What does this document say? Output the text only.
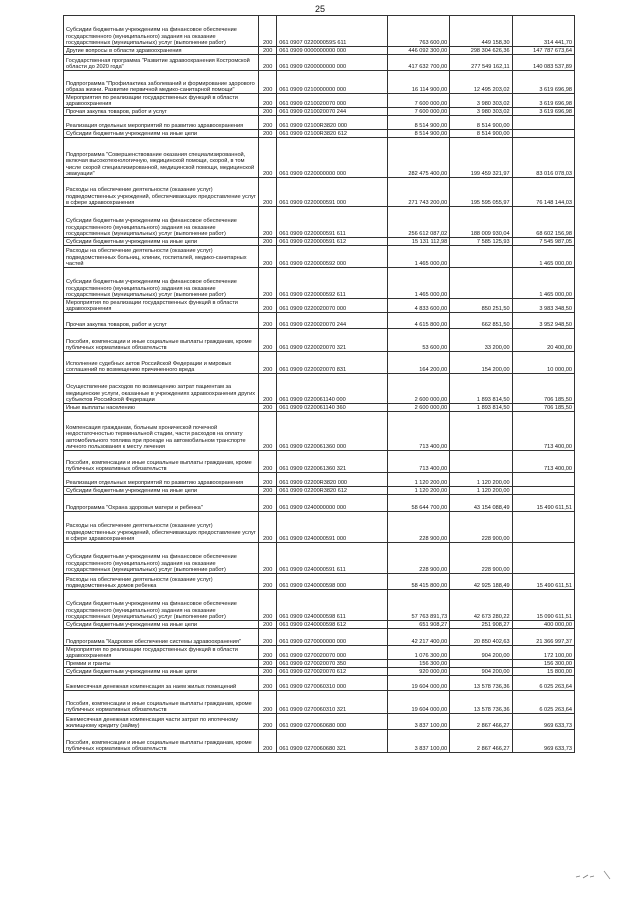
25
Субсидии бюджетным учреждениям на финансовое обеспечение государственного (муниципального) задания на оказание государственных (муниципальных) услуг (выполнение работ)	200	061 0907 022000059S 611	763 600,00	449 158,30	314 441,70
Другие вопросы в области здравоохранения	200	061 0909 0000000000 000	446 092 300,00	298 304 626,36	147 787 673,64
Государственная программа "Развитие здравоохранения Костромской области до 2020 года"	200	061 0909 0200000000 000	417 632 700,00	277 549 162,11	140 083 537,89
Подпрограмма "Профилактика заболеваний и формирование здорового образа жизни. Развитие первичной медико-санитарной помощи"	200	061 0909 0210000000 000	16 114 900,00	12 495 203,02	3 619 696,98
Мероприятия по реализации государственных функций в области здравоохранения	200	061 0909 0210020070 000	7 600 000,00	3 980 303,02	3 619 696,98
Прочая закупка товаров, работ и услуг	200	061 0909 0210020070 244	7 600 000,00	3 980 303,02	3 619 696,98
Реализация отдельных мероприятий по развитию здравоохранения	200	061 0909 02100R3820 000	8 514 900,00	8 514 900,00	
Субсидии бюджетным учреждениям на иные цели	200	061 0909 02100R3820 612	8 514 900,00	8 514 900,00	
Подпрограмма "Совершенствование оказания специализированной, включая высокотехнологичную, медицинской помощи, скорой, в том числе скорой специализированной, медицинской помощи, медицинской эвакуации"	200	061 0909 0220000000 000	282 475 400,00	199 459 321,97	83 016 078,03
Расходы на обеспечение деятельности (оказание услуг) подведомственных учреждений, обеспечивающих предоставление услуг в сфере здравоохранения	200	061 0909 0220000591 000	271 743 200,00	195 595 055,97	76 148 144,03
Субсидии бюджетным учреждениям на финансовое обеспечение государственного (муниципального) задания на оказание государственных (муниципальных) услуг (выполнение работ)	200	061 0909 0220000591 611	256 612 087,02	188 009 930,04	68 602 156,98
Субсидии бюджетным учреждениям на иные цели	200	061 0909 0220000591 612	15 131 112,98	7 585 125,93	7 545 987,05
Расходы на обеспечение деятельности (оказание услуг) подведомственных больниц, клиник, госпиталей, медико-санитарных частей	200	061 0909 0220000592 000	1 465 000,00		1 465 000,00
Субсидии бюджетным учреждениям на финансовое обеспечение государственного (муниципального) задания на оказание государственных (муниципальных) услуг (выполнение работ)	200	061 0909 0220000592 611	1 465 000,00		1 465 000,00
Мероприятия по реализации государственных функций в области здравоохранения	200	061 0909 0220020070 000	4 833 600,00	850 251,50	3 983 348,50
Прочая закупка товаров, работ и услуг	200	061 0909 0220020070 244	4 615 800,00	662 851,50	3 952 948,50
Пособия, компенсации и иные социальные выплаты гражданам, кроме публичных нормативных обязательств	200	061 0909 0220020070 321	53 600,00	33 200,00	20 400,00
Исполнение судебных актов Российской Федерации и мировых соглашений по возмещению причиненного вреда	200	061 0909 0220020070 831	164 200,00	154 200,00	10 000,00
Осуществление расходов по возмещению затрат пациентам за медицинские услуги, оказанные в учреждениях здравоохранения других субъектов Российской Федерации	200	061 0909 0220061140 000	2 600 000,00	1 893 814,50	706 185,50
Иные выплаты населению	200	061 0909 0220061140 360	2 600 000,00	1 893 814,50	706 185,50
Компенсация гражданам, больным хронической почечной недостаточностью терминальной стадии, части расходов на оплату автомобильного топлива при проезде на автомобильном транспорте личного пользования к месту лечения	200	061 0909 0220061360 000	713 400,00		713 400,00
Пособия, компенсации и иные социальные выплаты гражданам, кроме публичных нормативных обязательств	200	061 0909 0220061360 321	713 400,00		713 400,00
Реализация отдельных мероприятий по развитию здравоохранения	200	061 0909 02200R3820 000	1 120 200,00	1 120 200,00	
Субсидии бюджетным учреждениям на иные цели	200	061 0909 02200R3820 612	1 120 200,00	1 120 200,00	
Подпрограмма "Охрана здоровья матери и ребенка"	200	061 0909 0240000000 000	58 644 700,00	43 154 088,49	15 490 611,51
Расходы на обеспечение деятельности (оказание услуг) подведомственных учреждений, обеспечивающих предоставление услуг в сфере здравоохранения	200	061 0909 0240000591 000	228 900,00	228 900,00	
Субсидии бюджетным учреждениям на финансовое обеспечение государственного (муниципального) задания на оказание государственных (муниципальных) услуг (выполнение работ)	200	061 0909 0240000591 611	228 900,00	228 900,00	
Расходы на обеспечение деятельности (оказание услуг) подведомственных домов ребенка	200	061 0909 0240000598 000	58 415 800,00	42 925 188,49	15 490 611,51
Субсидии бюджетным учреждениям на финансовое обеспечение государственного (муниципального) задания на оказание государственных (муниципальных) услуг (выполнение работ)	200	061 0909 0240000598 611	57 763 891,73	42 673 280,22	15 090 611,51
Субсидии бюджетным учреждениям на иные цели	200	061 0909 0240000598 612	651 908,27	251 908,27	400 000,00
Подпрограмма "Кадровое обеспечение системы здравоохранения"	200	061 0909 0270000000 000	42 217 400,00	20 850 402,63	21 366 997,37
Мероприятия по реализации государственных функций в области здравоохранения	200	061 0909 0270020070 000	1 076 300,00	904 200,00	172 100,00
Премии и гранты	200	061 0909 0270020070 350	156 300,00		156 300,00
Субсидии бюджетным учреждениям на иные цели	200	061 0909 0270020070 612	920 000,00	904 200,00	15 800,00
Ежемесячная денежная компенсация за наем жилых помещений	200	061 0909 0270060310 000	19 604 000,00	13 578 736,36	6 025 263,64
Пособия, компенсации и иные социальные выплаты гражданам, кроме публичных нормативных обязательств	200	061 0909 0270060310 321	19 604 000,00	13 578 736,36	6 025 263,64
Ежемесячная денежная компенсация части затрат по ипотечному жилищному кредиту (займу)	200	061 0909 0270060680 000	3 837 100,00	2 867 466,27	969 633,73
Пособия, компенсации и иные социальные выплаты гражданам, кроме публичных нормативных обязательств	200	061 0909 0270060680 321	3 837 100,00	2 867 466,27	969 633,73
